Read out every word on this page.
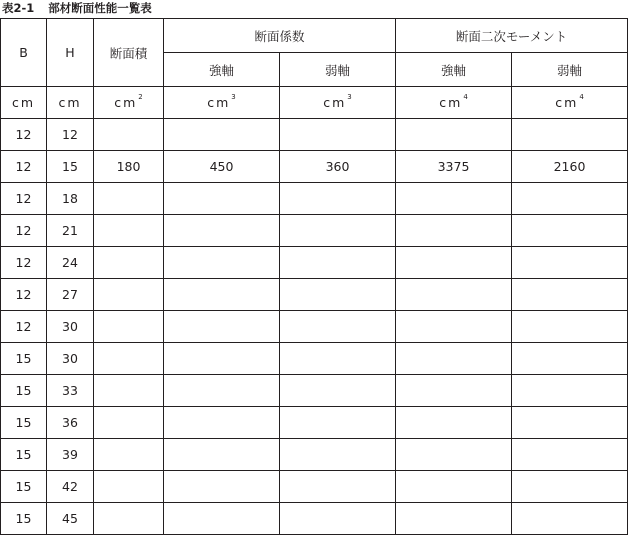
表2-1 部材断面性能一覧表
B	H	断面積	断面係数		断面二次モーメント	
			強軸	弱軸	強軸	弱軸
cm	cm	$cm^2$	$cm^3$	$cm^3$	$cm^4$	$cm^4$
12	12					
12	15	180	450	360	3375	2160
12	18					
12	21					
12	24					
12	27					
12	30					
15	30					
15	33					
15	36					
15	39					
15	42					
15	45					
